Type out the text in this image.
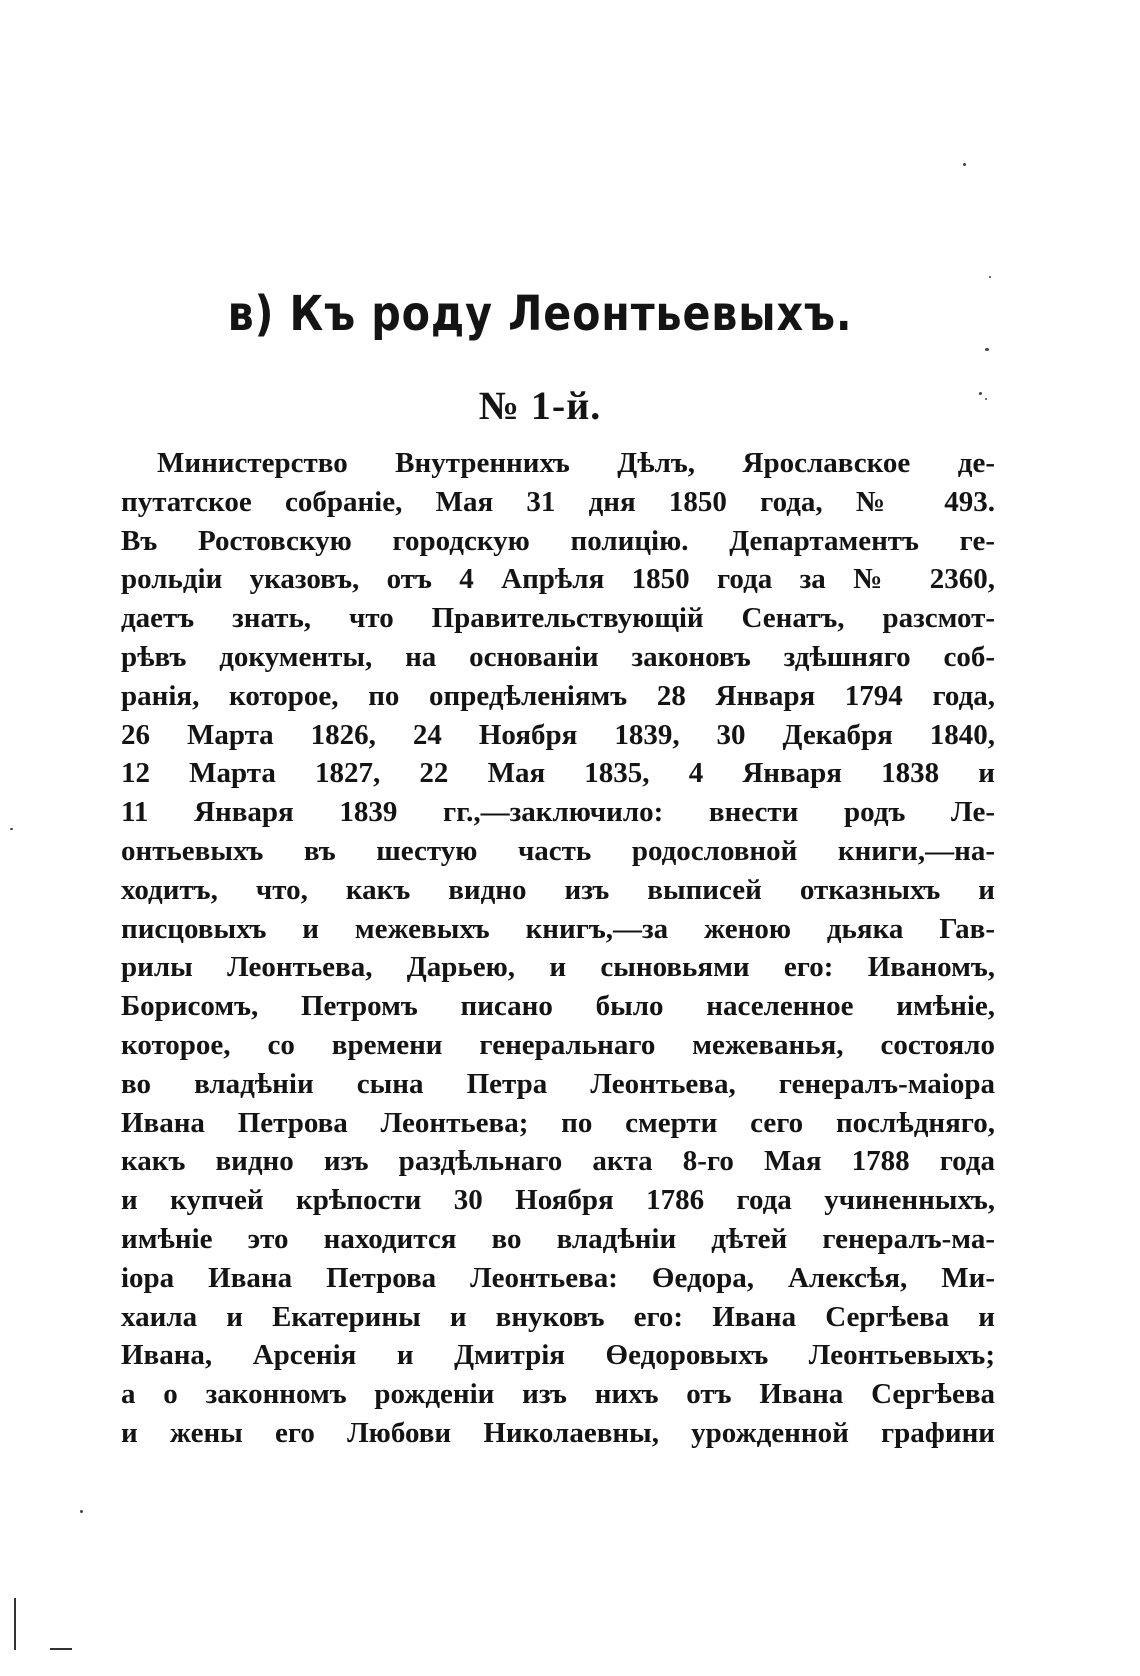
в) Къ роду Леонтьевыхъ.
№ 1-й.
Министерство Внутреннихъ Дѣлъ, Ярославское де-
путатское собраніе, Мая 31 дня 1850 года, № 493.
Въ Ростовскую городскую полицію. Департаментъ ге-
рольдіи указовъ, отъ 4 Апрѣля 1850 года за № 2360,
даетъ знать, что Правительствующій Сенатъ, разсмот-
рѣвъ документы, на основаніи законовъ здѣшняго соб-
ранія, которое, по опредѣленіямъ 28 Января 1794 года,
26 Марта 1826, 24 Ноября 1839, 30 Декабря 1840,
12 Марта 1827, 22 Мая 1835, 4 Января 1838 и
11 Января 1839 гг.,—заключило: внести родъ Ле-
онтьевыхъ въ шестую часть родословной книги,—на-
ходитъ, что, какъ видно изъ выписей отказныхъ и
писцовыхъ и межевыхъ книгъ,—за женою дьяка Гав-
рилы Леонтьева, Дарьею, и сыновьями его: Иваномъ,
Борисомъ, Петромъ писано было населенное имѣніе,
которое, со времени генеральнаго межеванья, состояло
во владѣніи сына Петра Леонтьева, генералъ-маіора
Ивана Петрова Леонтьева; по смерти сего послѣдняго,
какъ видно изъ раздѣльнаго акта 8-го Мая 1788 года
и купчей крѣпости 30 Ноября 1786 года учиненныхъ,
имѣніе это находится во владѣніи дѣтей генералъ-ма-
іора Ивана Петрова Леонтьева: Өедора, Алексѣя, Ми-
хаила и Екатерины и внуковъ его: Ивана Сергѣева и
Ивана, Арсенія и Дмитрія Өедоровыхъ Леонтьевыхъ;
а о законномъ рожденіи изъ нихъ отъ Ивана Сергѣева
и жены его Любови Николаевны, урожденной графини
